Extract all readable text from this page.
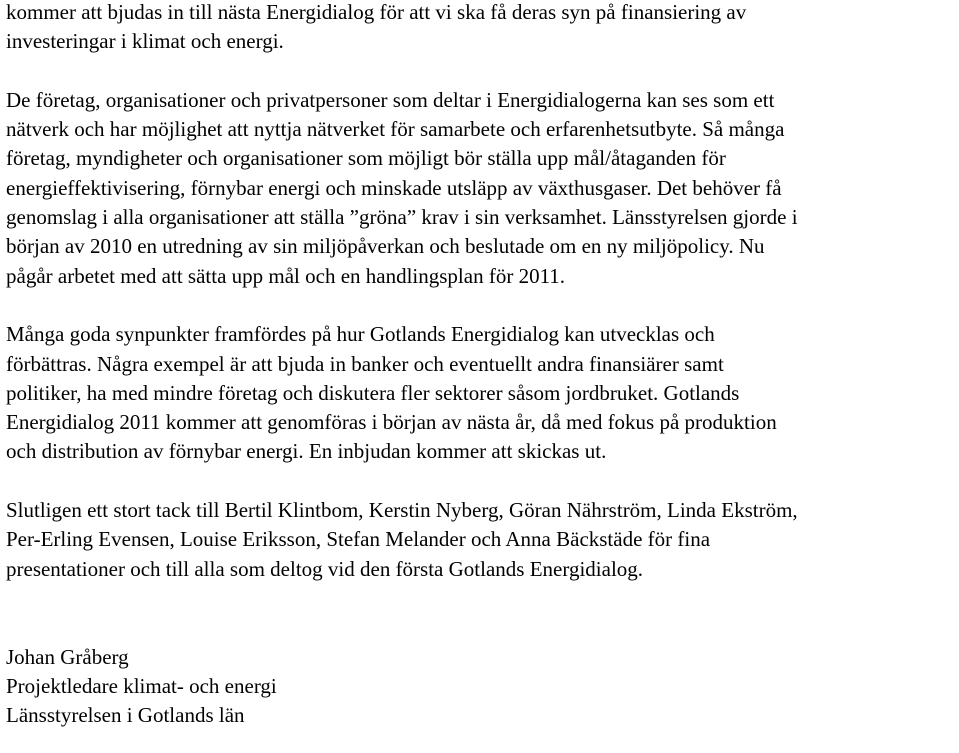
kommer att bjudas in till nästa Energidialog för att vi ska få deras syn på finansiering av
investeringar i klimat och energi.
De företag, organisationer och privatpersoner som deltar i Energidialogerna kan ses som ett
nätverk och har möjlighet att nyttja nätverket för samarbete och erfarenhetsutbyte. Så många
företag, myndigheter och organisationer som möjligt bör ställa upp mål/åtaganden för
energieffektivisering, förnybar energi och minskade utsläpp av växthusgaser. Det behöver få
genomslag i alla organisationer att ställa ”gröna” krav i sin verksamhet. Länsstyrelsen gjorde i
början av 2010 en utredning av sin miljöpåverkan och beslutade om en ny miljöpolicy. Nu
pågår arbetet med att sätta upp mål och en handlingsplan för 2011.
Många goda synpunkter framfördes på hur Gotlands Energidialog kan utvecklas och
förbättras. Några exempel är att bjuda in banker och eventuellt andra finansiärer samt
politiker, ha med mindre företag och diskutera fler sektorer såsom jordbruket. Gotlands
Energidialog 2011 kommer att genomföras i början av nästa år, då med fokus på produktion
och distribution av förnybar energi. En inbjudan kommer att skickas ut.
Slutligen ett stort tack till Bertil Klintbom, Kerstin Nyberg, Göran Nährström, Linda Ekström,
Per-Erling Evensen, Louise Eriksson, Stefan Melander och Anna Bäckstäde för fina
presentationer och till alla som deltog vid den första Gotlands Energidialog.
Johan Gråberg
Projektledare klimat- och energi
Länsstyrelsen i Gotlands län
